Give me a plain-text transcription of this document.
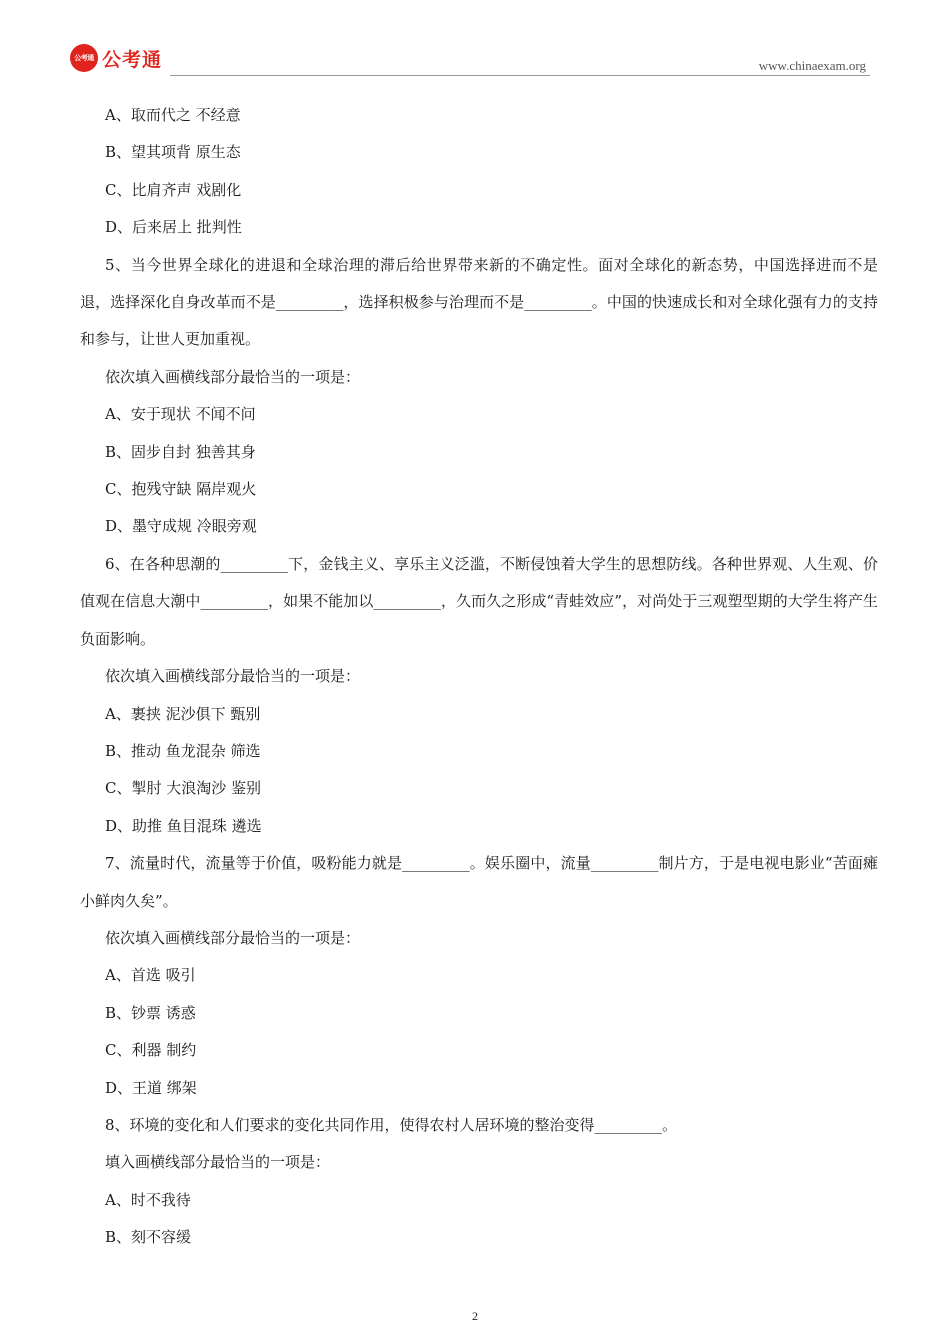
公考通 公考通	www.chinaexam.org

A、取而代之 不经意

B、望其项背 原生态

C、比肩齐声 戏剧化

D、后来居上 批判性

5、当今世界全球化的进退和全球治理的滞后给世界带来新的不确定性。面对全球化的新态势，中国选择进而不是退，选择深化自身改革而不是_________，选择积极参与治理而不是_________。中国的快速成长和对全球化强有力的支持和参与，让世人更加重视。

依次填入画横线部分最恰当的一项是：

A、安于现状 不闻不问

B、固步自封 独善其身

C、抱残守缺 隔岸观火

D、墨守成规 冷眼旁观

6、在各种思潮的_________下，金钱主义、享乐主义泛滥，不断侵蚀着大学生的思想防线。各种世界观、人生观、价值观在信息大潮中_________，如果不能加以_________，久而久之形成“青蛙效应”，对尚处于三观塑型期的大学生将产生负面影响。

依次填入画横线部分最恰当的一项是：

A、裹挟 泥沙俱下 甄别

B、推动 鱼龙混杂 筛选

C、掣肘 大浪淘沙 鉴别

D、助推 鱼目混珠 遴选

7、流量时代，流量等于价值，吸粉能力就是_________。娱乐圈中，流量_________制片方，于是电视电影业“苦面瘫小鲜肉久矣”。

依次填入画横线部分最恰当的一项是：

A、首选 吸引

B、钞票 诱惑

C、利器 制约

D、王道 绑架

8、环境的变化和人们要求的变化共同作用，使得农村人居环境的整治变得_________。

填入画横线部分最恰当的一项是：

A、时不我待

B、刻不容缓

2
